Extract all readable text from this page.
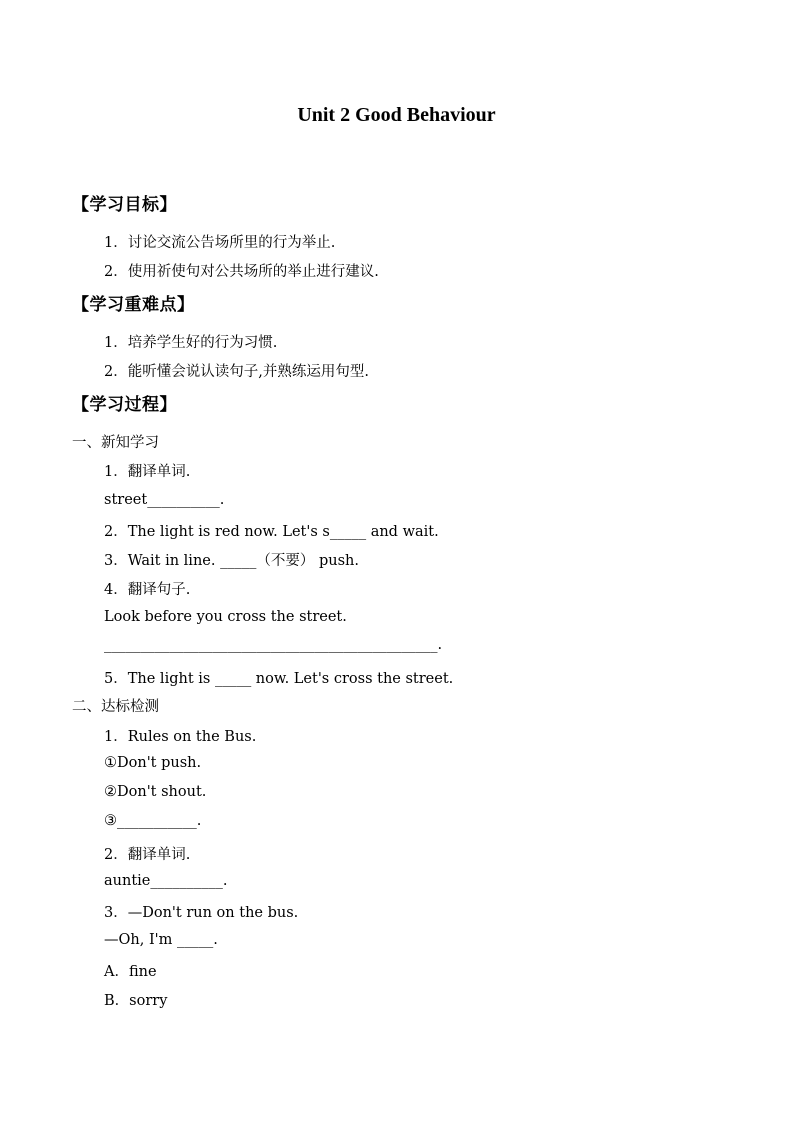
Unit 2 Good Behaviour
【学习目标】
1．讨论交流公告场所里的行为举止.
2．使用祈使句对公共场所的举止进行建议.
【学习重难点】
1．培养学生好的行为习惯.
2．能听懂会说认读句子,并熟练运用句型.
【学习过程】
一、新知学习
1．翻译单词.
street__________.
2．The light is red now. Let's s_____ and wait.
3．Wait in line. _____（不要） push.
4．翻译句子.
Look before you cross the street.
______________________________________________.
5．The light is _____ now. Let's cross the street.
二、达标检测
1．Rules on the Bus.
①Don't push.
②Don't shout.
③___________.
2．翻译单词.
auntie__________.
3．—Don't run on the bus.
—Oh, I'm _____.
A．fine
B．sorry
